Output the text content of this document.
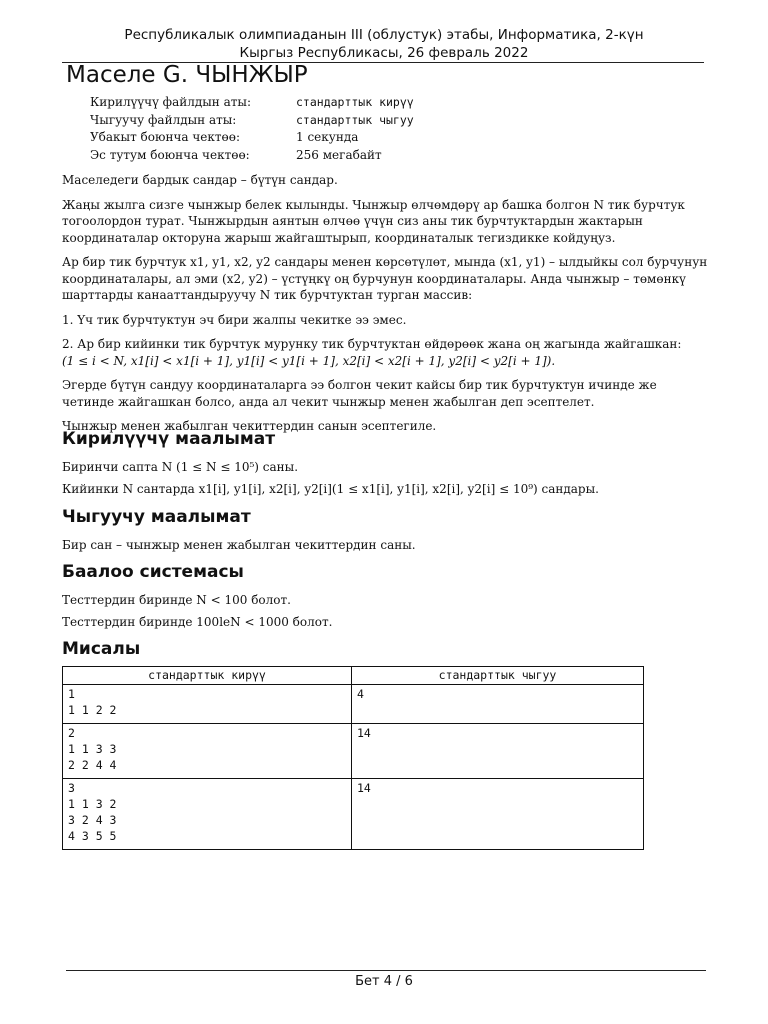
Республикалык олимпиаданын III (облустук) этабы, Информатика, 2-күн
Кыргыз Республикасы, 26 февраль 2022
Маселе G. ЧЫНЖЫР
Кирилүүчү файлдын аты:	стандарттык кирүү
Чыгуучу файлдын аты:	стандарттык чыгуу
Убакыт боюнча чектөө:	1 секунда
Эс тутум боюнча чектөө:	256 мегабайт

Маселедеги бардык сандар – бүтүн сандар.

Жаңы жылга сизге чынжыр белек кылынды. Чынжыр өлчөмдөрү ар башка болгон N тик бурчтук тогоолордон турат. Чынжырдын аянтын өлчөө үчүн сиз аны тик бурчтуктардын жактарын координаталар окторуна жарыш жайгаштырып, координаталык тегиздикке койдуңуз.

Ар бир тик бурчтук x1, y1, x2, y2 сандары менен көрсөтүлөт, мында (x1, y1) – ылдыйкы сол бурчунун координаталары, ал эми (x2, y2) – үстүңкү оң бурчунун координаталары. Анда чынжыр – төмөнкү шарттарды канааттандыруучу N тик бурчтуктан турган массив:

1. Үч тик бурчтуктун эч бири жалпы чекитке ээ эмес.

2. Ар бир кийинки тик бурчтук мурунку тик бурчтуктан өйдөрөөк жана оң жагында жайгашкан:

(1 ≤ i < N, x1[i] < x1[i + 1], y1[i] < y1[i + 1], x2[i] < x2[i + 1], y2[i] < y2[i + 1]).

Эгерде бүтүн сандуу координаталарга ээ болгон чекит кайсы бир тик бурчтуктун ичинде же четинде жайгашкан болсо, анда ал чекит чынжыр менен жабылган деп эсептелет.

Чынжыр менен жабылган чекиттердин санын эсептегиле.

Кирилүүчү маалымат

Биринчи сапта N (1 ≤ N ≤ 10⁵) саны.

Кийинки N сантарда x1[i], y1[i], x2[i], y2[i](1 ≤ x1[i], y1[i], x2[i], y2[i] ≤ 10⁹) сандары.

Чыгуучу маалымат

Бир сан – чынжыр менен жабылган чекиттердин саны.

Баалоо системасы

Тесттердин биринде N < 100 болот.

Тесттердин биринде 100leN < 1000 болот.

Мисалы
стандарттык кирүү	стандарттык чыгуу

1
1 1 2 2	4

2
1 1 3 3
2 2 4 4	14

3
1 1 3 2
3 2 4 3
4 3 5 5	14
Бет 4 / 6
